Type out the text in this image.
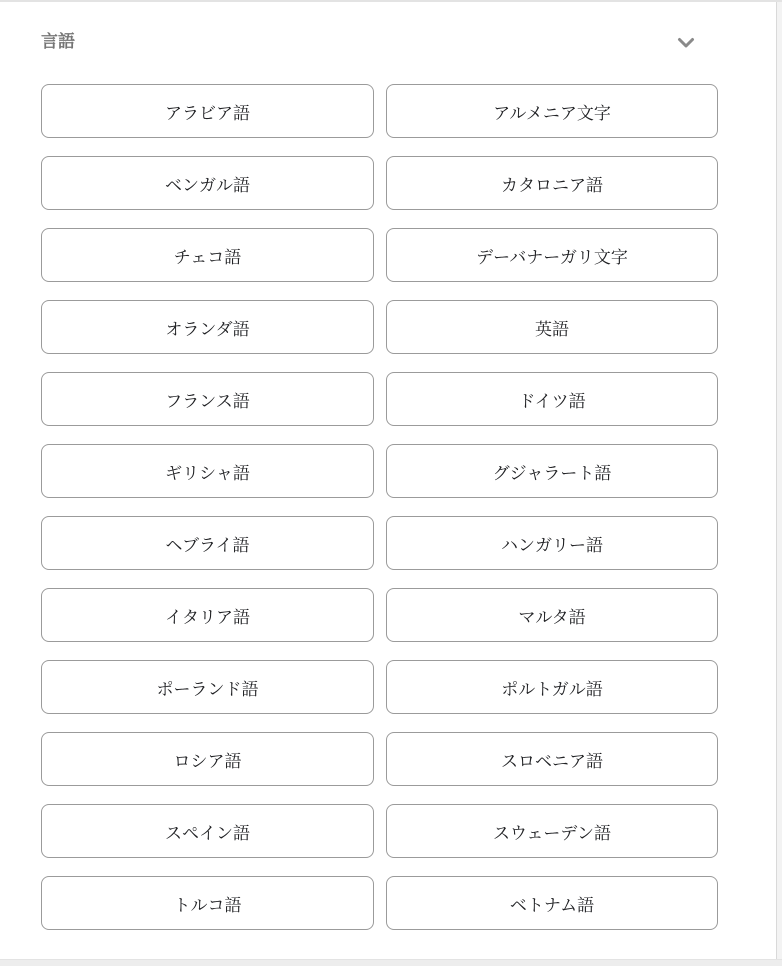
言語
アラビア語	アルメニア文字
ベンガル語	カタロニア語
チェコ語	デーバナーガリ文字
オランダ語	英語
フランス語	ドイツ語
ギリシャ語	グジャラート語
ヘブライ語	ハンガリー語
イタリア語	マルタ語
ポーランド語	ポルトガル語
ロシア語	スロベニア語
スペイン語	スウェーデン語
トルコ語	ベトナム語
